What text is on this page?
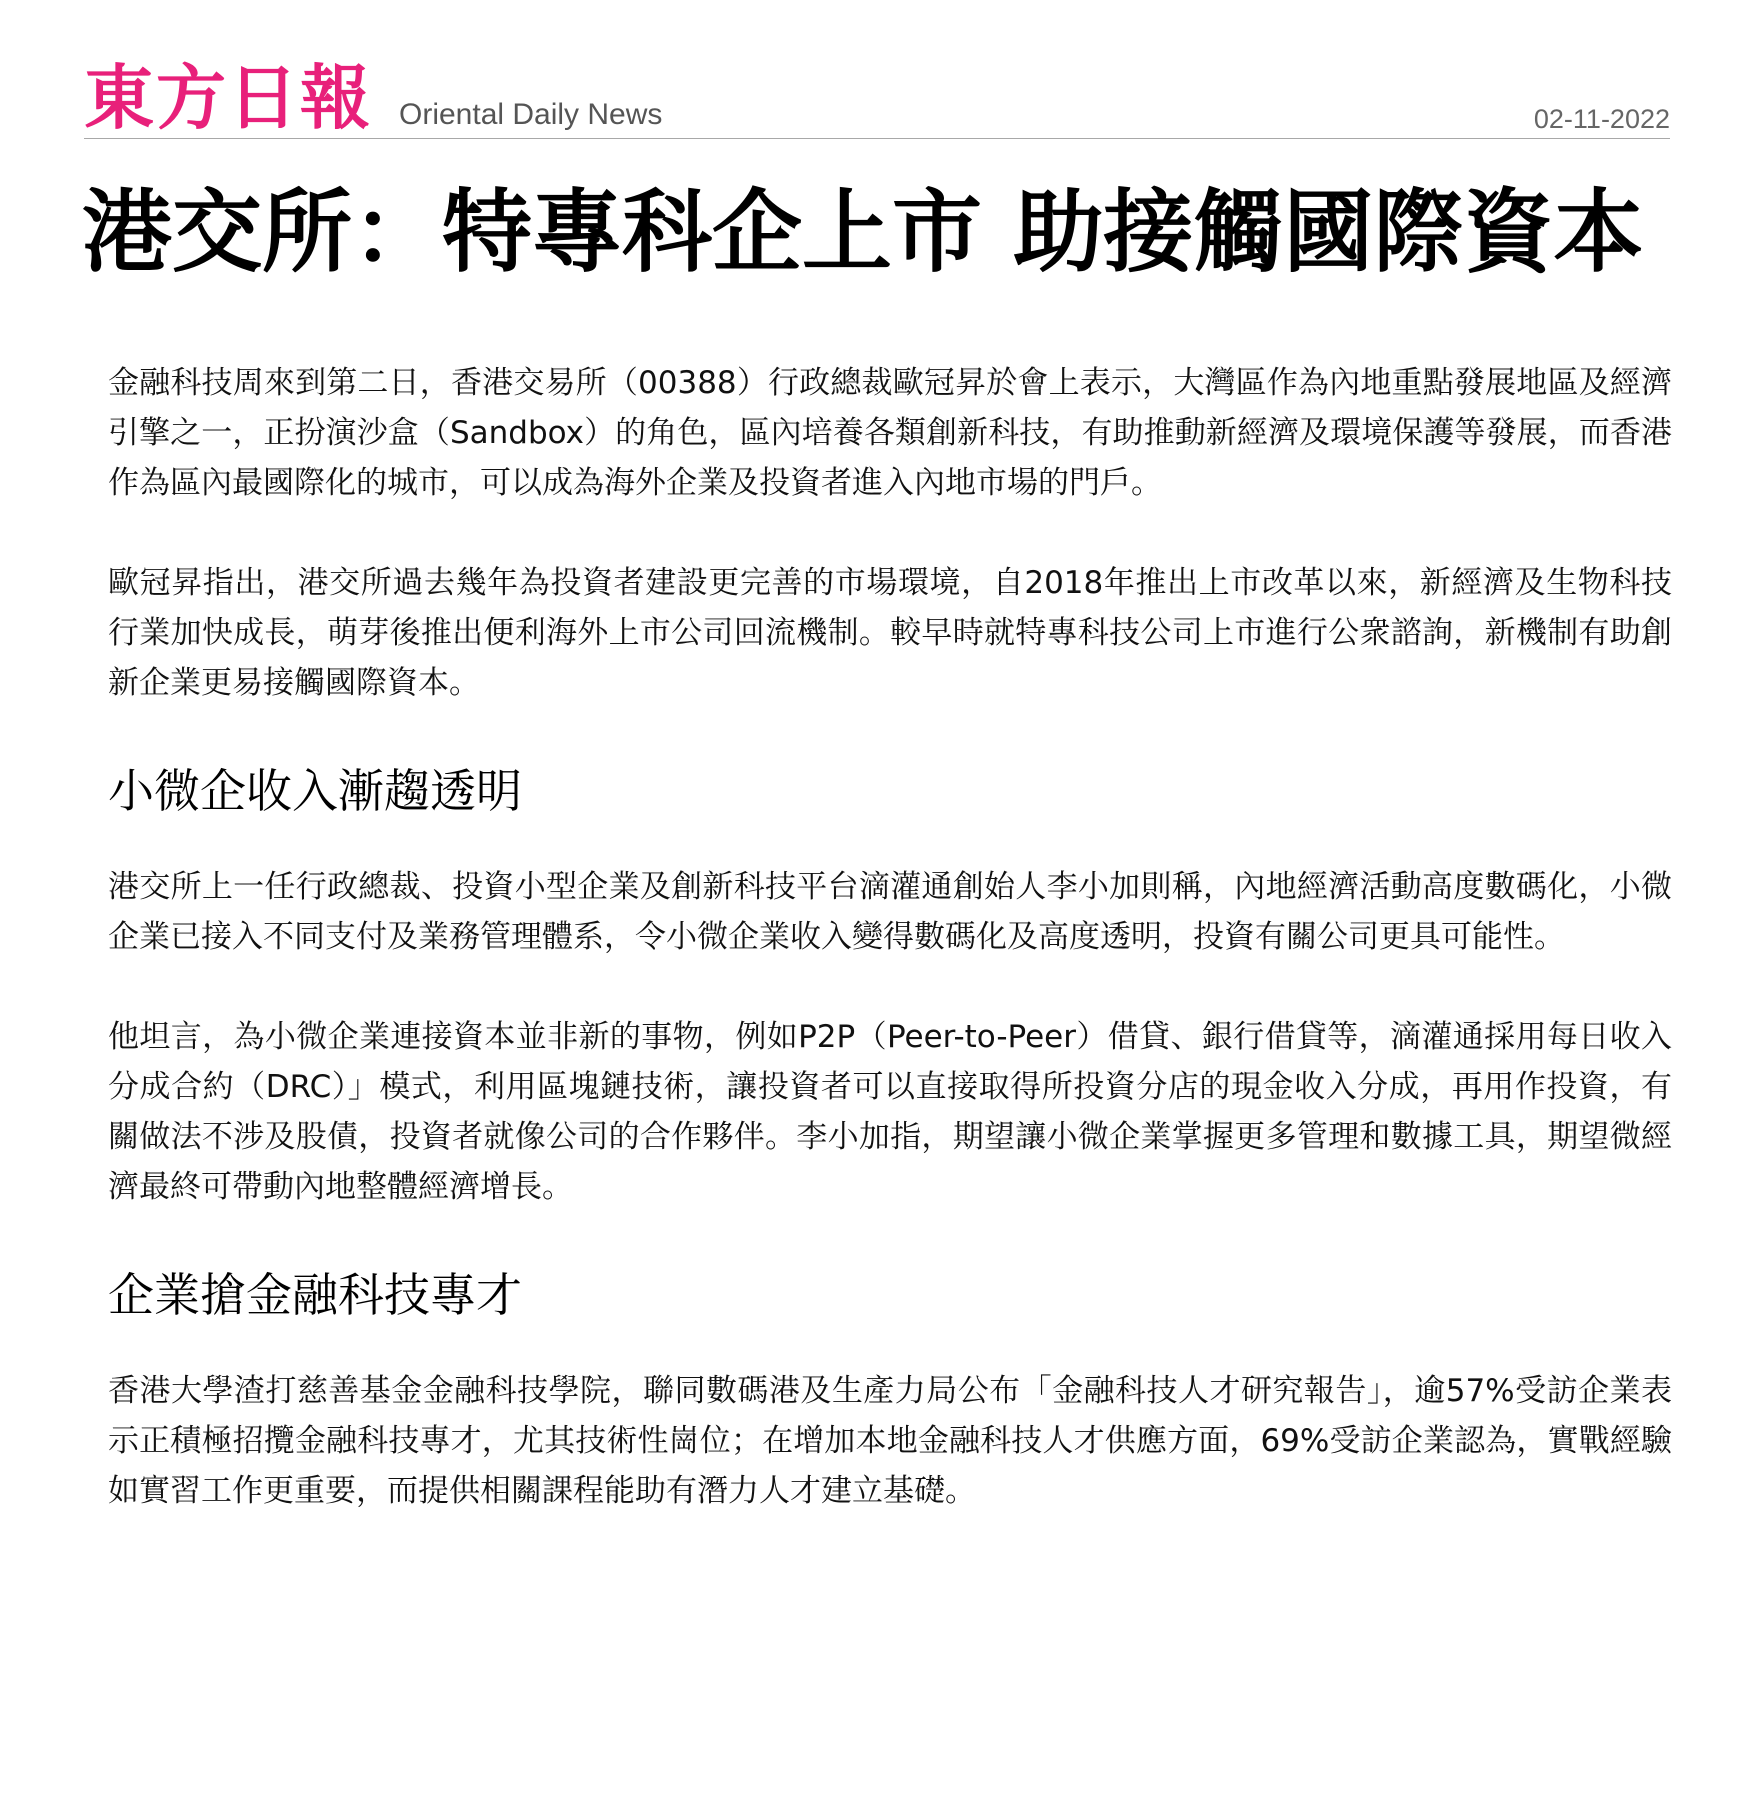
東方日報 Oriental Daily News	02-11-2022
港交所：特專科企上市 助接觸國際資本

金融科技周來到第二日，香港交易所（00388）行政總裁歐冠昇於會上表示，大灣區作為內地重點發展地區及經濟引擎之一，正扮演沙盒（Sandbox）的角色，區內培養各類創新科技，有助推動新經濟及環境保護等發展，而香港作為區內最國際化的城市，可以成為海外企業及投資者進入內地市場的門戶。

歐冠昇指出，港交所過去幾年為投資者建設更完善的市場環境，自2018年推出上市改革以來，新經濟及生物科技行業加快成長，萌芽後推出便利海外上市公司回流機制。較早時就特專科技公司上市進行公衆諮詢，新機制有助創新企業更易接觸國際資本。

小微企收入漸趨透明

港交所上一任行政總裁、投資小型企業及創新科技平台滴灌通創始人李小加則稱，內地經濟活動高度數碼化，小微企業已接入不同支付及業務管理體系，令小微企業收入變得數碼化及高度透明，投資有關公司更具可能性。

他坦言，為小微企業連接資本並非新的事物，例如P2P（Peer-to-Peer）借貸、銀行借貸等，滴灌通採用每日收入分成合約（DRC）」模式，利用區塊鏈技術，讓投資者可以直接取得所投資分店的現金收入分成，再用作投資，有關做法不涉及股債，投資者就像公司的合作夥伴。李小加指，期望讓小微企業掌握更多管理和數據工具，期望微經濟最終可帶動內地整體經濟增長。

企業搶金融科技專才

香港大學渣打慈善基金金融科技學院，聯同數碼港及生產力局公布「金融科技人才研究報告」，逾57%受訪企業表示正積極招攬金融科技專才，尤其技術性崗位；在增加本地金融科技人才供應方面，69%受訪企業認為，實戰經驗如實習工作更重要，而提供相關課程能助有潛力人才建立基礎。
